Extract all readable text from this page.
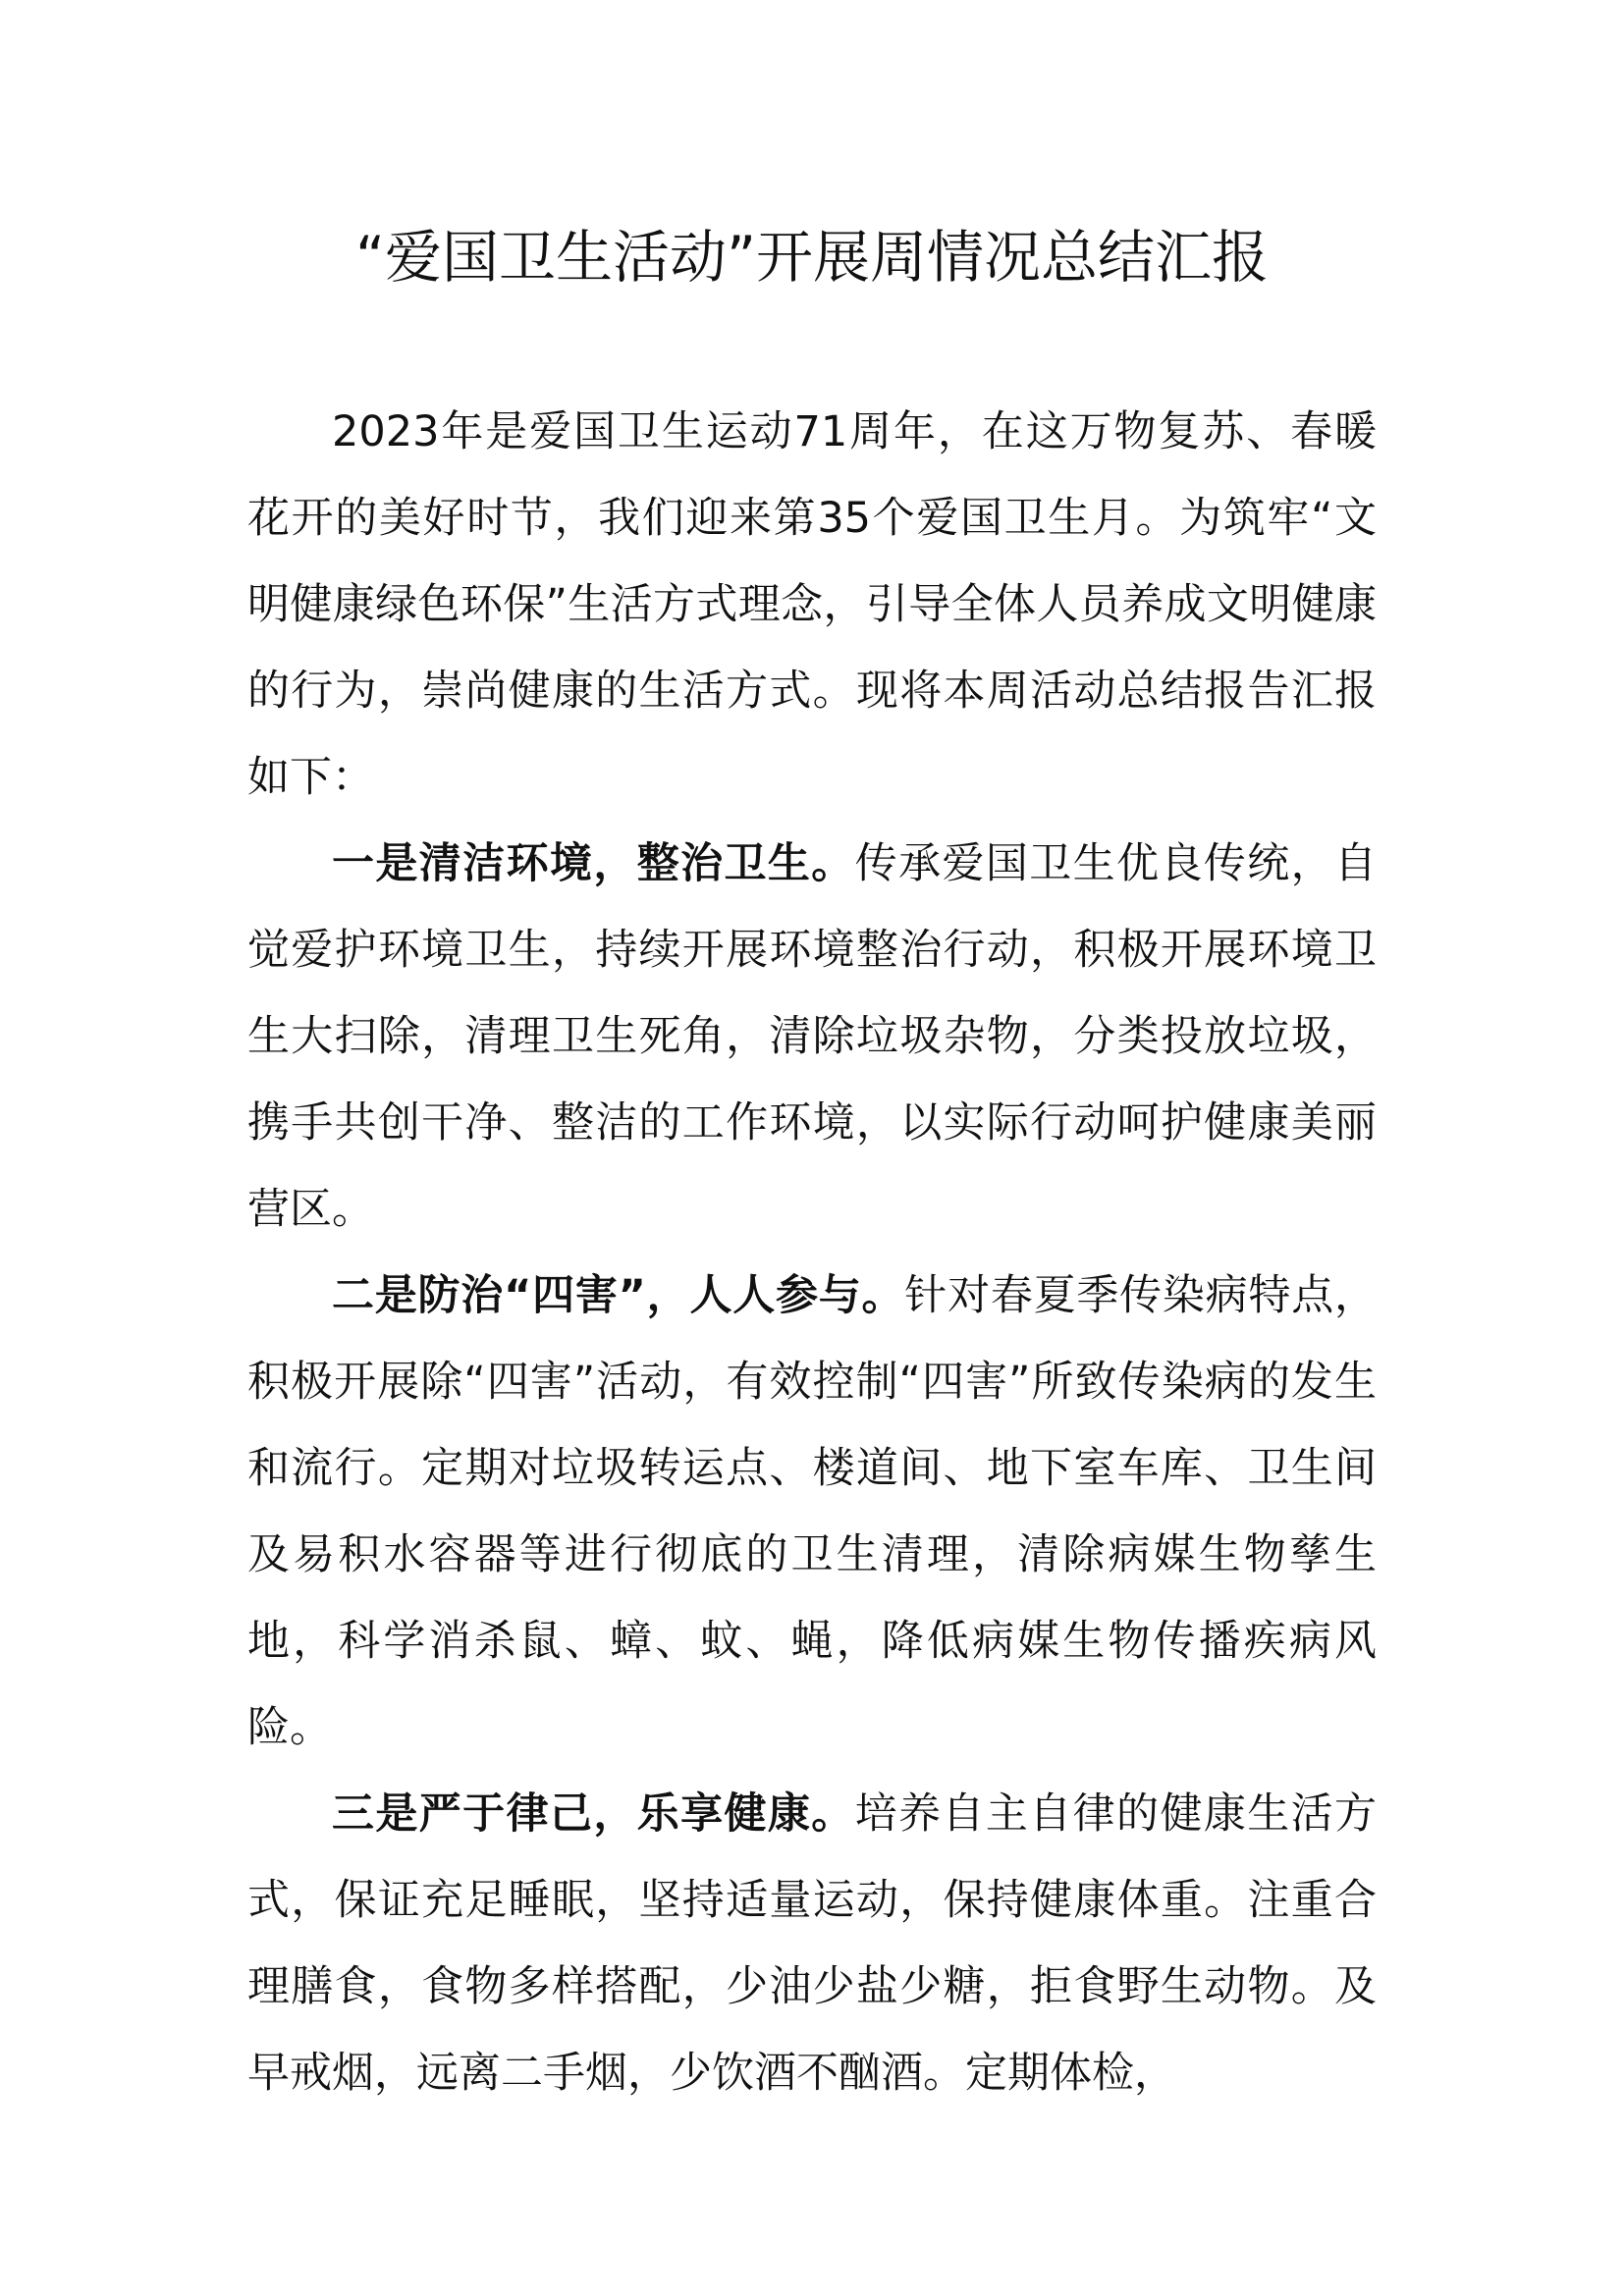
“爱国卫生活动”开展周情况总结汇报

2023年是爱国卫生运动71周年，在这万物复苏、春暖花开的美好时节，我们迎来第35个爱国卫生月。为筑牢“文明健康绿色环保”生活方式理念，引导全体人员养成文明健康的行为，崇尚健康的生活方式。现将本周活动总结报告汇报如下：

一是清洁环境，整治卫生。传承爱国卫生优良传统，自觉爱护环境卫生，持续开展环境整治行动，积极开展环境卫生大扫除，清理卫生死角，清除垃圾杂物，分类投放垃圾，携手共创干净、整洁的工作环境，以实际行动呵护健康美丽营区。

二是防治“四害”，人人参与。针对春夏季传染病特点，积极开展除“四害”活动，有效控制“四害”所致传染病的发生和流行。定期对垃圾转运点、楼道间、地下室车库、卫生间及易积水容器等进行彻底的卫生清理，清除病媒生物孳生地，科学消杀鼠、蟑、蚊、蝇，降低病媒生物传播疾病风险。

三是严于律己，乐享健康。培养自主自律的健康生活方式，保证充足睡眠，坚持适量运动，保持健康体重。注重合理膳食，食物多样搭配，少油少盐少糖，拒食野生动物。及早戒烟，远离二手烟，少饮酒不酗酒。定期体检，
